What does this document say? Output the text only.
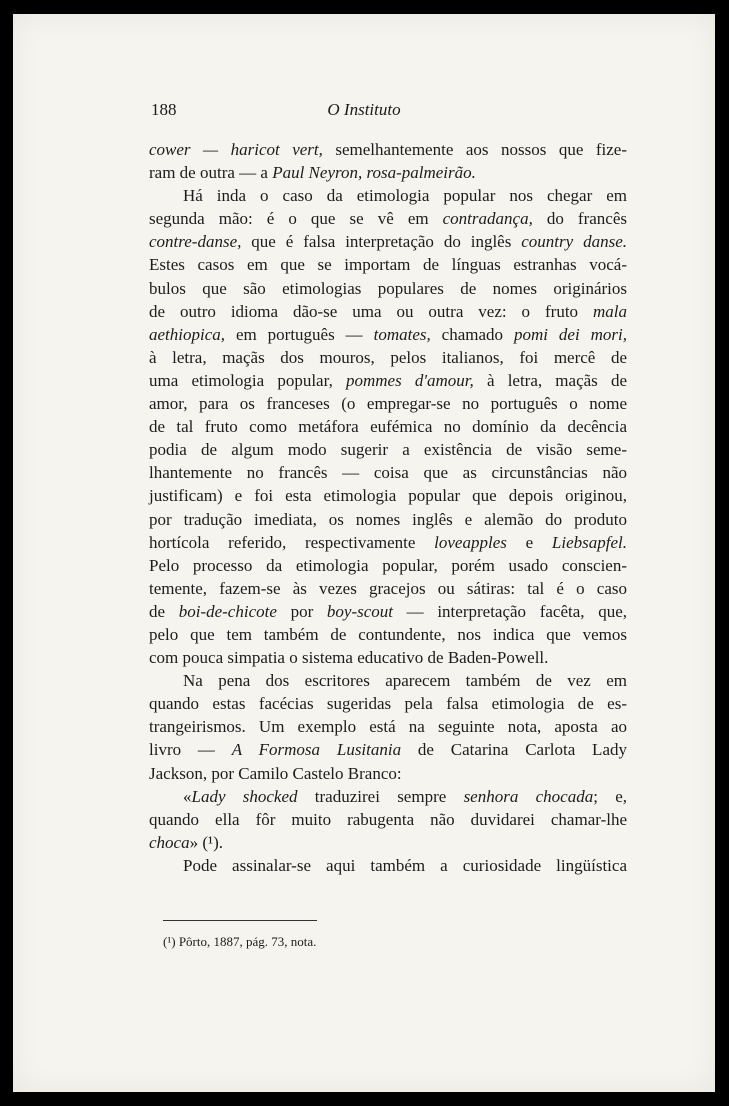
188	O Instituto
cower — haricot vert, semelhantemente aos nossos que fize-
ram de outra — a Paul Neyron, rosa-palmeirão.
Há inda o caso da etimologia popular nos chegar em
segunda mão: é o que se vê em contradança, do francês
contre-danse, que é falsa interpretação do inglês country danse.
Estes casos em que se importam de línguas estranhas vocá-
bulos que são etimologias populares de nomes originários
de outro idioma dão-se uma ou outra vez: o fruto mala
aethiopica, em português — tomates, chamado pomi dei mori,
à letra, maçãs dos mouros, pelos italianos, foi mercê de
uma etimologia popular, pommes d'amour, à letra, maçãs de
amor, para os franceses (o empregar-se no português o nome
de tal fruto como metáfora eufémica no domínio da decência
podia de algum modo sugerir a existência de visão seme-
lhantemente no francês — coisa que as circunstâncias não
justificam) e foi esta etimologia popular que depois originou,
por tradução imediata, os nomes inglês e alemão do produto
hortícola referido, respectivamente loveapples e Liebsapfel.
Pelo processo da etimologia popular, porém usado conscien-
temente, fazem-se às vezes gracejos ou sátiras: tal é o caso
de boi-de-chicote por boy-scout — interpretação facêta, que,
pelo que tem também de contundente, nos indica que vemos
com pouca simpatia o sistema educativo de Baden-Powell.
Na pena dos escritores aparecem também de vez em
quando estas facécias sugeridas pela falsa etimologia de es-
trangeirismos. Um exemplo está na seguinte nota, aposta ao
livro — A Formosa Lusitania de Catarina Carlota Lady
Jackson, por Camilo Castelo Branco:
«Lady shocked traduzirei sempre senhora chocada; e,
quando ella fôr muito rabugenta não duvidarei chamar-lhe
choca» (¹).
Pode assinalar-se aqui também a curiosidade lingüística
(¹) Pôrto, 1887, pág. 73, nota.
